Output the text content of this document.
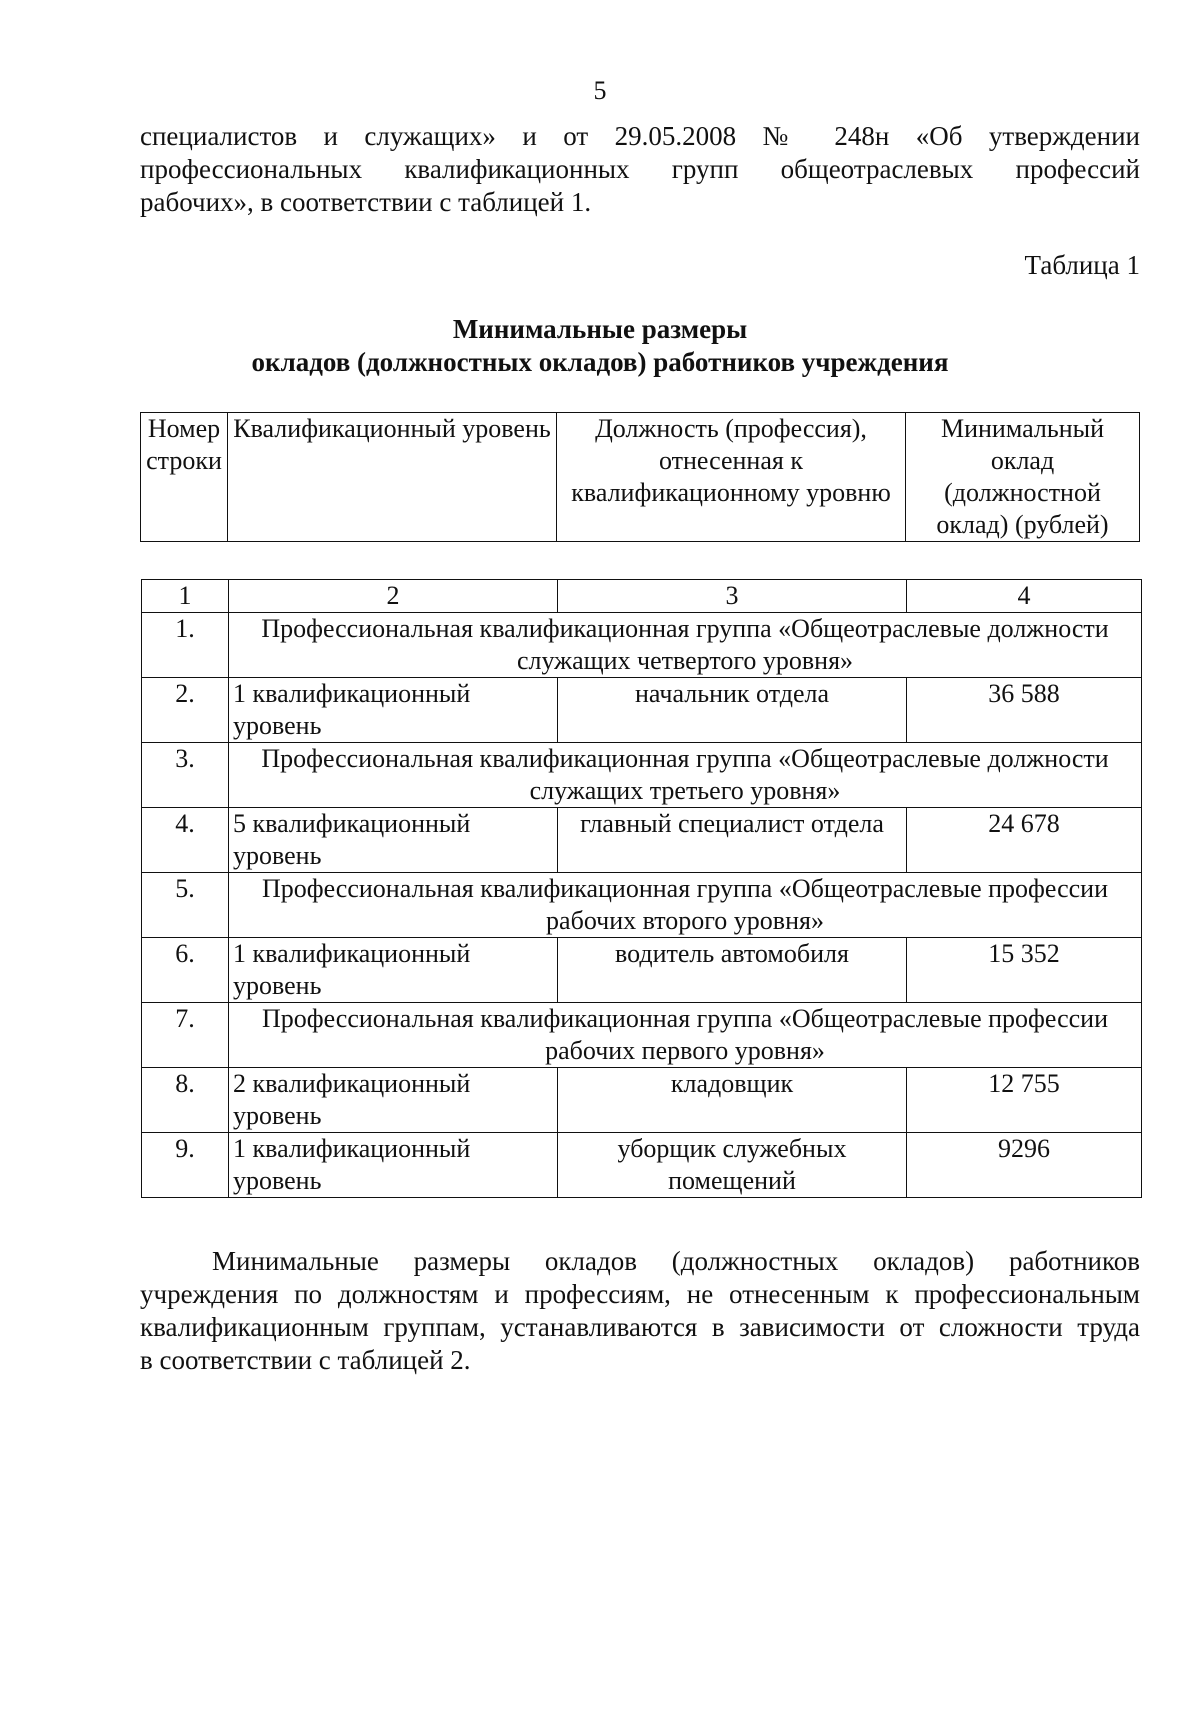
5
специалистов и служащих» и от 29.05.2008 № 248н «Об утверждении
профессиональных квалификационных групп общеотраслевых профессий
рабочих», в соответствии с таблицей 1.
Таблица 1
Минимальные размеры
окладов (должностных окладов) работников учреждения
Номер строки	Квалификационный уровень	Должность (профессия), отнесенная к квалификационному уровню	Минимальный оклад (должностной оклад) (рублей)
1	2	3	4
1.	Профессиональная квалификационная группа «Общеотраслевые должности служащих четвертого уровня»		
2.	1 квалификационный уровень	начальник отдела	36 588
3.	Профессиональная квалификационная группа «Общеотраслевые должности служащих третьего уровня»		
4.	5 квалификационный уровень	главный специалист отдела	24 678
5.	Профессиональная квалификационная группа «Общеотраслевые профессии рабочих второго уровня»		
6.	1 квалификационный уровень	водитель автомобиля	15 352
7.	Профессиональная квалификационная группа «Общеотраслевые профессии рабочих первого уровня»		
8.	2 квалификационный уровень	кладовщик	12 755
9.	1 квалификационный уровень	уборщик служебных помещений	9296
Минимальные размеры окладов (должностных окладов) работников
учреждения по должностям и профессиям, не отнесенным к профессиональным
квалификационным группам, устанавливаются в зависимости от сложности труда
в соответствии с таблицей 2.
